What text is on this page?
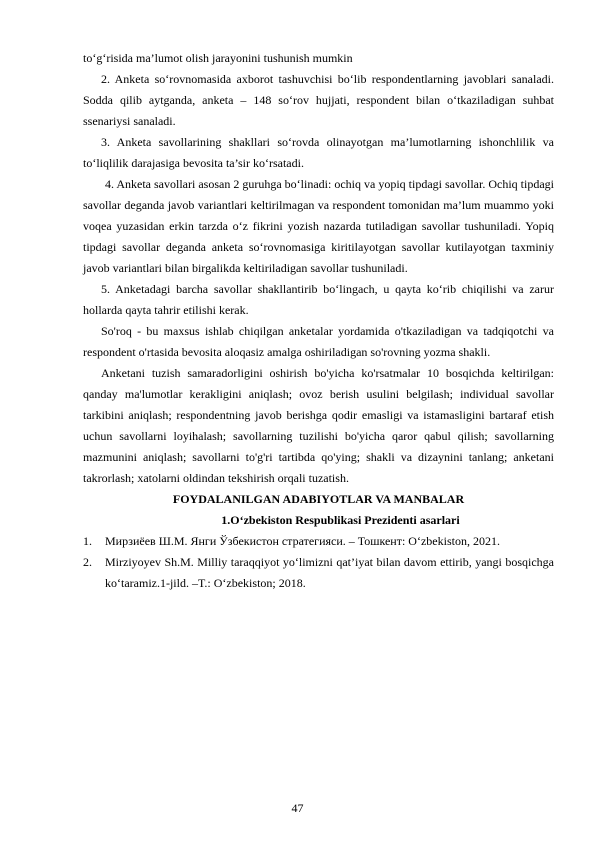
to‘g‘risida ma’lumot olish jarayonini tushunish mumkin

2. Anketa so‘rovnomasida axborot tashuvchisi bo‘lib respondentlarning javoblari sanaladi. Sodda qilib aytganda, anketa – 148 so‘rov hujjati, respondent bilan o‘tkaziladigan suhbat ssenariysi sanaladi.

3. Anketa savollarining shakllari so‘rovda olinayotgan ma’lumotlarning ishonchlilik va to‘liqlilik darajasiga bevosita ta’sir ko‘rsatadi.

4. Anketa savollari asosan 2 guruhga bo‘linadi: ochiq va yopiq tipdagi savollar. Ochiq tipdagi savollar deganda javob variantlari keltirilmagan va respondent tomonidan ma’lum muammo yoki voqea yuzasidan erkin tarzda o‘z fikrini yozish nazarda tutiladigan savollar tushuniladi. Yopiq tipdagi savollar deganda anketa so‘rovnomasiga kiritilayotgan savollar kutilayotgan taxminiy javob variantlari bilan birgalikda keltiriladigan savollar tushuniladi.

5. Anketadagi barcha savollar shakllantirib bo‘lingach, u qayta ko‘rib chiqilishi va zarur hollarda qayta tahrir etilishi kerak.

So'roq - bu maxsus ishlab chiqilgan anketalar yordamida o'tkaziladigan va tadqiqotchi va respondent o'rtasida bevosita aloqasiz amalga oshiriladigan so'rovning yozma shakli.

Anketani tuzish samaradorligini oshirish bo'yicha ko'rsatmalar 10 bosqichda keltirilgan: qanday ma'lumotlar kerakligini aniqlash; ovoz berish usulini belgilash; individual savollar tarkibini aniqlash; respondentning javob berishga qodir emasligi va istamasligini bartaraf etish uchun savollarni loyihalash; savollarning tuzilishi bo'yicha qaror qabul qilish; savollarning mazmunini aniqlash; savollarni to'g'ri tartibda qo'ying; shakli va dizaynini tanlang; anketani takrorlash; xatolarni oldindan tekshirish orqali tuzatish.

FOYDALANILGAN ADABIYOTLAR VA MANBALAR
1.O‘zbekiston Respublikasi Prezidenti asarlari
1. Мирзиёев Ш.М. Янги Ўзбекистон стратегияси. – Тошкент: O‘zbekiston, 2021.
2. Mirziyoyev Sh.M. Milliy taraqqiyot yo‘limizni qat’iyat bilan davom ettirib, yangi bosqichga ko‘taramiz.1-jild. –T.: O‘zbekiston; 2018.
47
